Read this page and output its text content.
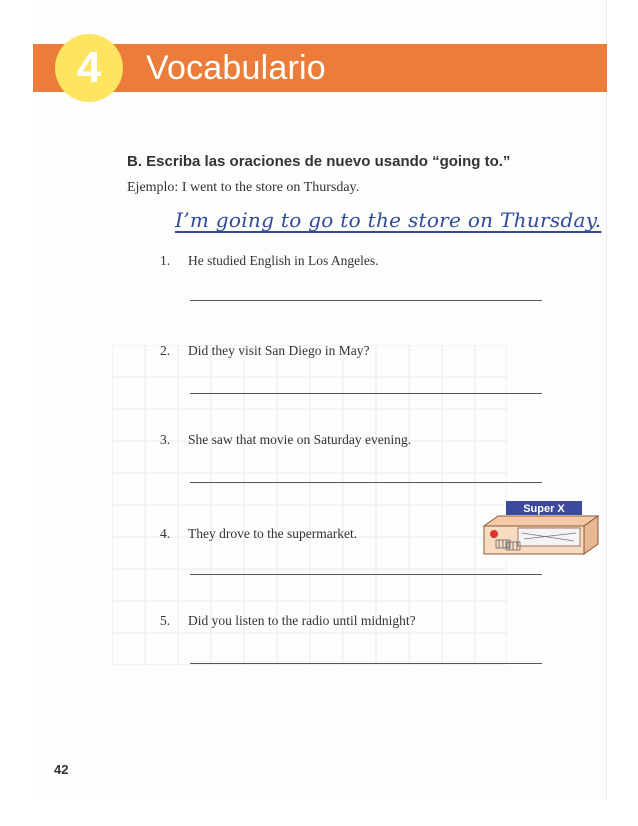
4	Vocabulario
B. Escriba las oraciones de nuevo usando “going to.”
Ejemplo: I went to the store on Thursday.
I’m going to go to the store on Thursday.
1. He studied English in Los Angeles.
2. Did they visit San Diego in May?
3. She saw that movie on Saturday evening.
4. They drove to the supermarket.
5. Did you listen to the radio until midnight?
Super X
42
